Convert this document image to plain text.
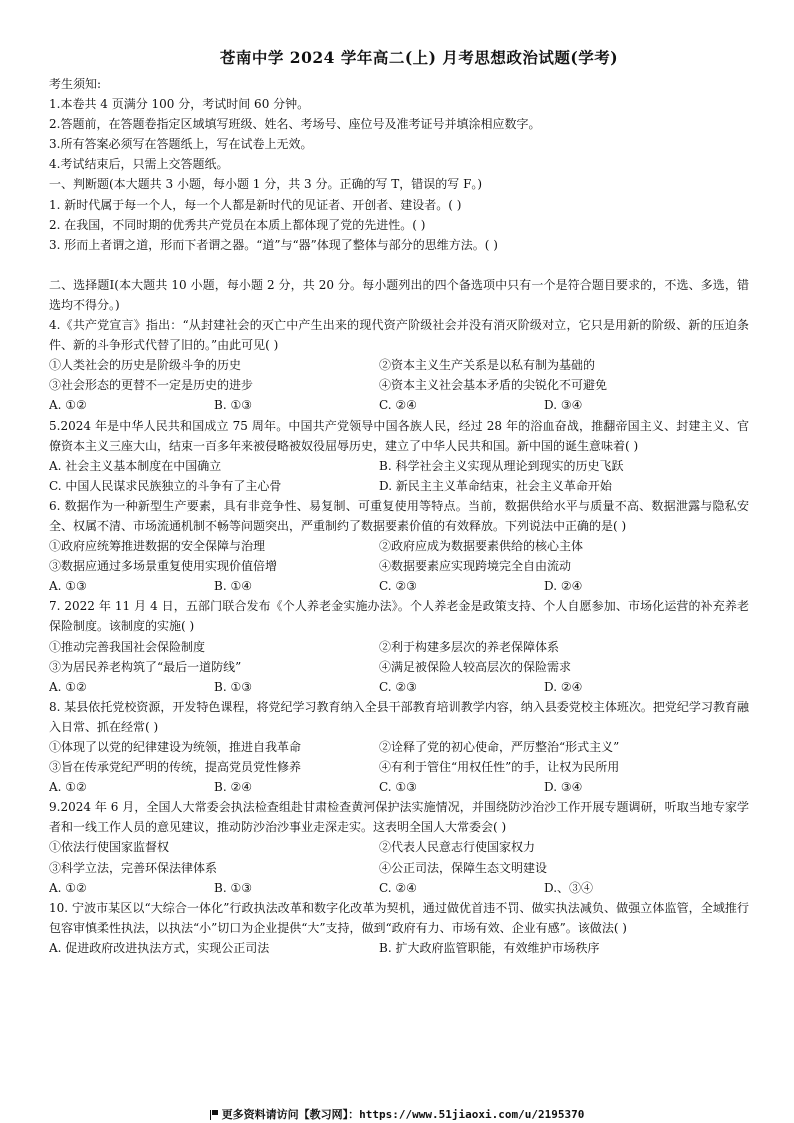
苍南中学 2024 学年高二(上) 月考思想政治试题(学考)
考生须知:
1.本卷共 4 页满分 100 分，考试时间 60 分钟。
2.答题前，在答题卷指定区域填写班级、姓名、考场号、座位号及准考证号并填涂相应数字。
3.所有答案必须写在答题纸上，写在试卷上无效。
4.考试结束后，只需上交答题纸。
一、判断题(本大题共 3 小题，每小题 1 分，共 3 分。正确的写 T，错误的写 F。)
1. 新时代属于每一个人，每一个人都是新时代的见证者、开创者、建设者。( )
2. 在我国，不同时期的优秀共产党员在本质上都体现了党的先进性。( )
3. 形而上者谓之道，形而下者谓之器。“道”与“器”体现了整体与部分的思维方法。( )
二、选择题Ⅰ(本大题共 10 小题，每小题 2 分，共 20 分。每小题列出的四个备选项中只有一个是符合题目要求的，不选、多选，错选均不得分。)
4.《共产党宣言》指出：“从封建社会的灭亡中产生出来的现代资产阶级社会并没有消灭阶级对立，它只是用新的阶级、新的压迫条件、新的斗争形式代替了旧的。”由此可见( )
①人类社会的历史是阶级斗争的历史	②资本主义生产关系是以私有制为基础的
③社会形态的更替不一定是历史的进步	④资本主义社会基本矛盾的尖锐化不可避免
A. ①②	B. ①③	C. ②④	D. ③④
5.2024 年是中华人民共和国成立 75 周年。中国共产党领导中国各族人民，经过 28 年的浴血奋战，推翻帝国主义、封建主义、官僚资本主义三座大山，结束一百多年来被侵略被奴役屈辱历史，建立了中华人民共和国。新中国的诞生意味着( )
A. 社会主义基本制度在中国确立	B. 科学社会主义实现从理论到现实的历史飞跃
C. 中国人民谋求民族独立的斗争有了主心骨	D. 新民主主义革命结束，社会主义革命开始
6. 数据作为一种新型生产要素，具有非竞争性、易复制、可重复使用等特点。当前，数据供给水平与质量不高、数据泄露与隐私安全、权属不清、市场流通机制不畅等问题突出，严重制约了数据要素价值的有效释放。下列说法中正确的是( )
①政府应统筹推进数据的安全保障与治理	②政府应成为数据要素供给的核心主体
③数据应通过多场景重复使用实现价值倍增	④数据要素应实现跨境完全自由流动
A. ①③	B. ①④	C. ②③	D. ②④
7. 2022 年 11 月 4 日，五部门联合发布《个人养老金实施办法》。个人养老金是政策支持、个人自愿参加、市场化运营的补充养老保险制度。该制度的实施( )
①推动完善我国社会保险制度	②利于构建多层次的养老保障体系
③为居民养老构筑了“最后一道防线”	④满足被保险人较高层次的保险需求
A. ①②	B. ①③	C. ②③	D. ②④
8. 某县依托党校资源，开发特色课程，将党纪学习教育纳入全县干部教育培训教学内容，纳入县委党校主体班次。把党纪学习教育融入日常、抓在经常( )
①体现了以党的纪律建设为统领，推进自我革命	②诠释了党的初心使命，严厉整治“形式主义”
③旨在传承党纪严明的传统，提高党员党性修养	④有利于管住“用权任性”的手，让权为民所用
A. ①②	B. ②④	C. ①③	D. ③④
9.2024 年 6 月，全国人大常委会执法检查组赴甘肃检查黄河保护法实施情况，并围绕防沙治沙工作开展专题调研，听取当地专家学者和一线工作人员的意见建议，推动防沙治沙事业走深走实。这表明全国人大常委会( )
①依法行使国家监督权	②代表人民意志行使国家权力
③科学立法，完善环保法律体系	④公正司法，保障生态文明建设
A. ①②	B. ①③	C. ②④	D.、③④
10. 宁波市某区以“大综合一体化”行政执法改革和数字化改革为契机，通过做优首违不罚、做实执法减负、做强立体监管，全域推行包容审慎柔性执法，以执法“小”切口为企业提供“大”支持，做到“政府有力、市场有效、企业有感”。该做法( )
A. 促进政府改进执法方式，实现公正司法	B. 扩大政府监管职能，有效维护市场秩序
更多资料请访问【教习网】：https://www.51jiaoxi.com/u/2195370
